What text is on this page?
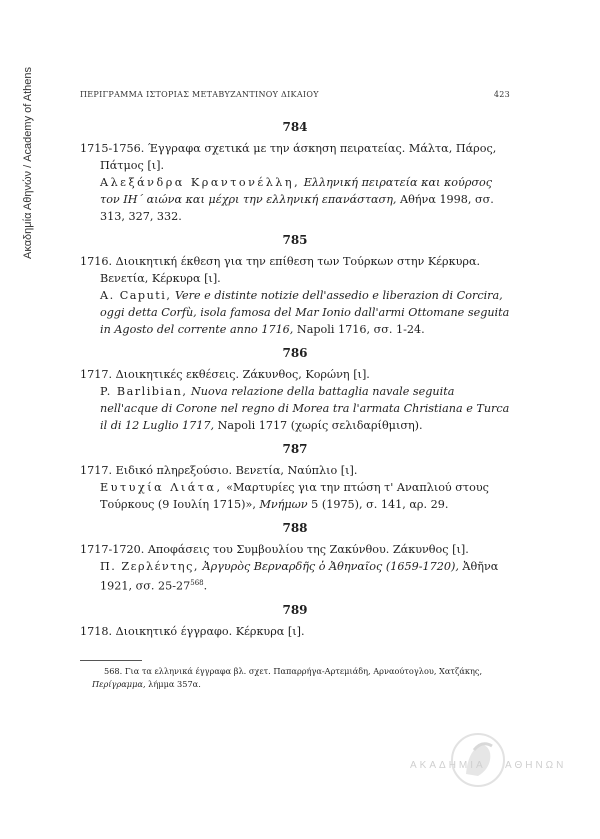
Ακαδημία Αθηνών / Academy of Athens	ΠΕΡΙΓΡΑΜΜΑ ΙΣΤΟΡΙΑΣ ΜΕΤΑΒΥΖΑΝΤΙΝΟΥ ΔΙΚΑΙΟΥ	423
784
1715-1756. Έγγραφα σχετικά με την άσκηση πειρατείας. Μάλτα, Πάρος, Πάτμος [ι].
Αλεξάνδρα Κραντονέλλη, Ελληνική πειρατεία και κούρσος τον ΙΗ΄ αιώνα και μέχρι την ελληνική επανάσταση, Αθήνα 1998, σσ. 313, 327, 332.
785
1716. Διοικητική έκθεση για την επίθεση των Τούρκων στην Κέρκυρα. Βενετία, Κέρκυρα [ι].
A. Caputi, Vere e distinte notizie dell'assedio e liberazion di Corcira, oggi detta Corfù, isola famosa del Mar Ionio dall'armi Ottomane seguita in Agosto del corrente anno 1716, Napoli 1716, σσ. 1-24.
786
1717. Διοικητικές εκθέσεις. Ζάκυνθος, Κορώνη [ι].
P. Barlibian, Nuova relazione della battaglia navale seguita nell'acque di Corone nel regno di Morea tra l'armata Christiana e Turca il di 12 Luglio 1717, Napoli 1717 (χωρίς σελιδαρίθμιση).
787
1717. Ειδικό πληρεξούσιο. Βενετία, Ναύπλιο [ι].
Ευτυχία Λιάτα, «Μαρτυρίες για την πτώση τ' Αναπλιού στους Τούρκους (9 Ιουλίη 1715)», Μνήμων 5 (1975), σ. 141, αρ. 29.
788
1717-1720. Αποφάσεις του Συμβουλίου της Ζακύνθου. Ζάκυνθος [ι].
Π. Ζερλέντης, Ἀργυρὸς Βερναρδῆς ὁ Ἀθηναῖος (1659-1720), Ἀθῆνα 1921, σσ. $25-27^{568}$.
789
1718. Διοικητικό έγγραφο. Κέρκυρα [ι].
568. Για τα ελληνικά έγγραφα βλ. σχετ. Παπαρρήγα-Αρτεμιάδη, Αρναούτογλου, Χατζάκης, Περίγραμμα, λήμμα 357α.
ΑΚΑΔΗΜΙΑ ΑΘΗΝΩΝ
